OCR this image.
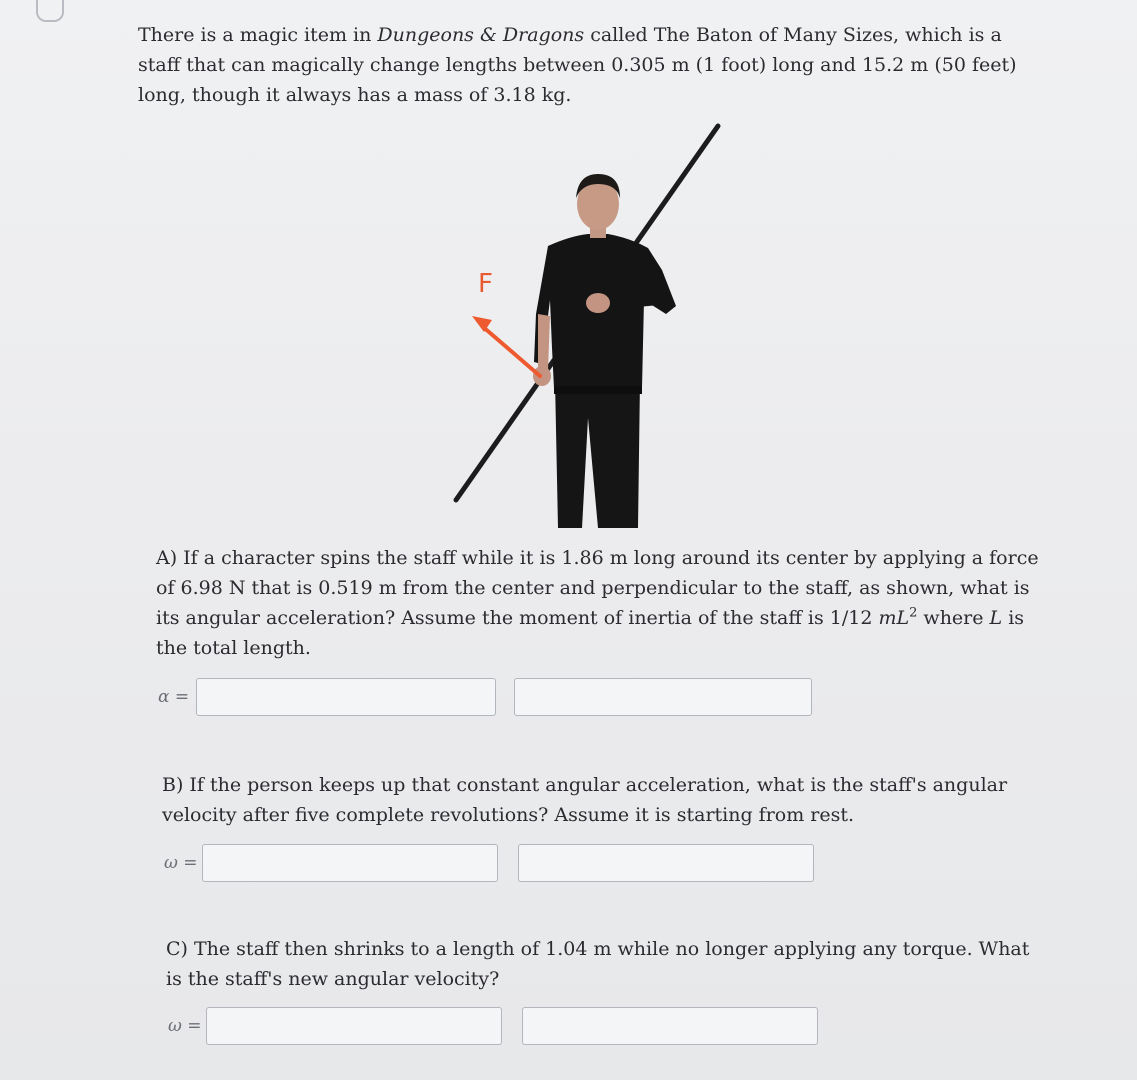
There is a magic item in Dungeons & Dragons called The Baton of Many Sizes, which is a staff that can magically change lengths between 0.305 m (1 foot) long and 15.2 m (50 feet) long, though it always has a mass of 3.18 kg.
F
A) If a character spins the staff while it is 1.86 m long around its center by applying a force of 6.98 N that is 0.519 m from the center and perpendicular to the staff, as shown, what is its angular acceleration? Assume the moment of inertia of the staff is 1/12 $mL^2$ where L is the total length.
α =
B) If the person keeps up that constant angular acceleration, what is the staff's angular velocity after five complete revolutions? Assume it is starting from rest.
ω =
C) The staff then shrinks to a length of 1.04 m while no longer applying any torque. What is the staff's new angular velocity?
ω =
